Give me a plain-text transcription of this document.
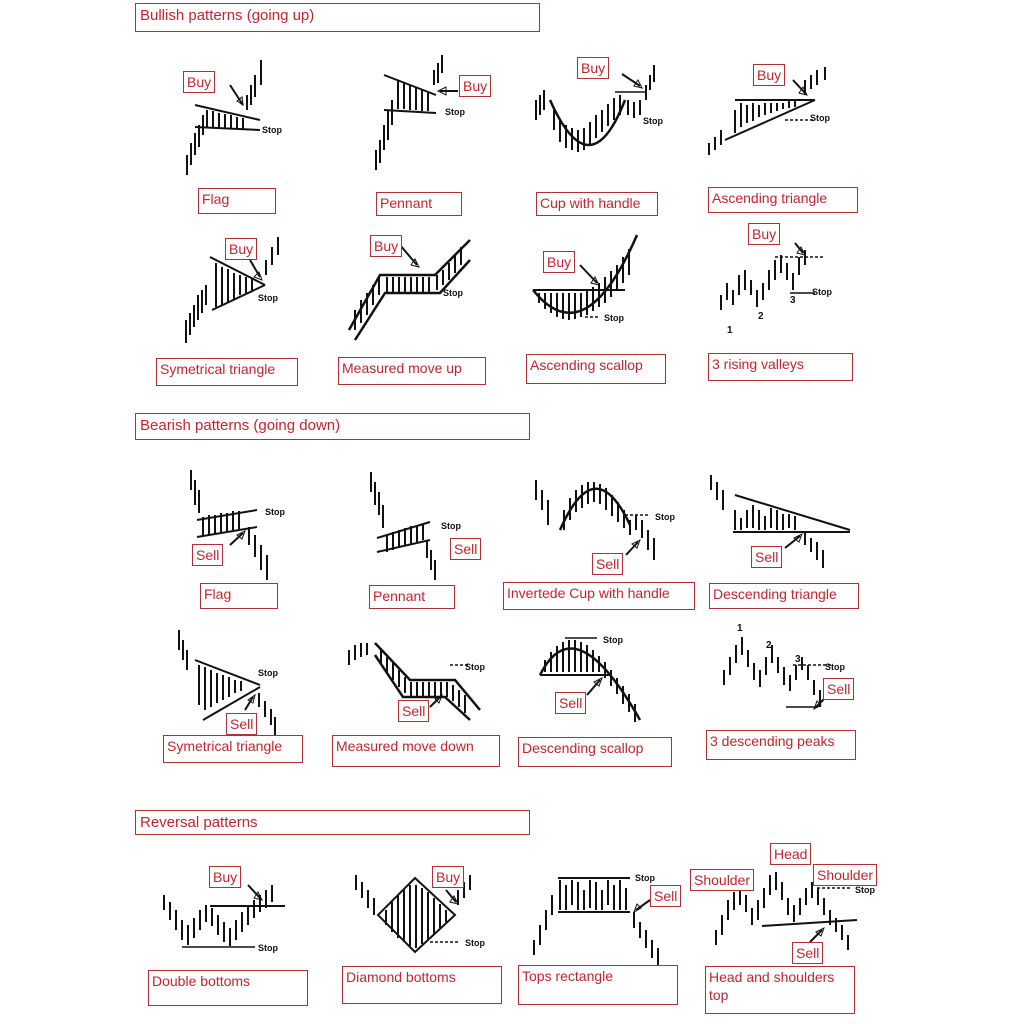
Bullish patterns (going up)
Bearish patterns (going down)
Reversal patterns
Buy
Stop
Flag
Buy
Stop
Pennant
Buy
Stop
Cup with handle
Buy
Stop
Ascending triangle
Buy
Stop
Symetrical triangle
Buy
Stop
Measured move up
Buy
Stop
Ascending scallop
Buy
Stop
1
2
3
3 rising valleys
Stop
Sell
Flag
Stop
Sell
Pennant
Stop
Sell
Invertede Cup with handle
Sell
Descending triangle
Stop
Sell
Symetrical triangle
Stop
Sell
Measured move down
Stop
Sell
Descending scallop
1
2
3
Stop
Sell
3 descending peaks
Buy
Stop
Double bottoms
Buy
Stop
Diamond bottoms
Stop
Sell
Tops rectangle
Head
Shoulder	Shoulder
Stop
Sell
Head and shoulders top
